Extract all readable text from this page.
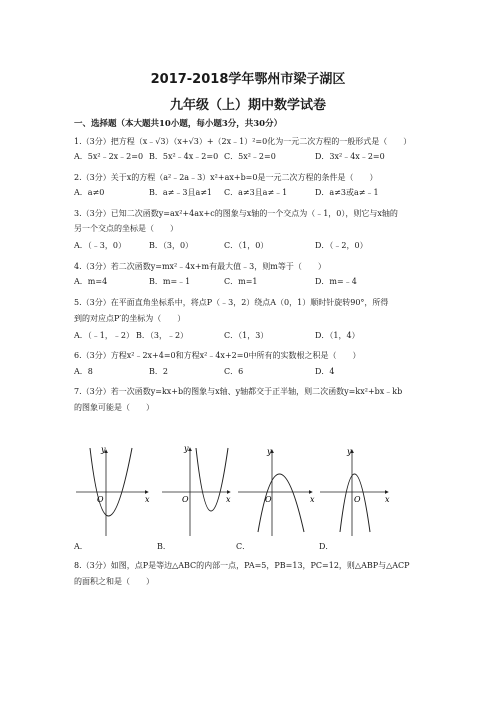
2017-2018学年鄂州市梁子湖区
九年级（上）期中数学试卷
一、选择题（本大题共10小题，每小题3分，共30分）
1.（3分）把方程（x﹣√3）（x+√3）+（2x﹣1）²=0化为一元二次方程的一般形式是（　　）
A．5x²﹣2x﹣2=0 B．5x²﹣4x﹣2=0 C．5x²﹣2=0	D．3x²﹣4x﹣2=0
2.（3分）关于x的方程（a²﹣2a﹣3）x²+ax+b=0是一元二次方程的条件是（　　）
A．a≠0	B．a≠﹣3且a≠1 C．a≠3且a≠﹣1	D．a≠3或a≠﹣1
3.（3分）已知二次函数y=ax²+4ax+c的图象与x轴的一个交点为（﹣1，0），则它与x轴的
另一个交点的坐标是（　　）
A．（﹣3，0）	B．（3，0）	C．（1，0）	D．（﹣2，0）
4.（3分）若二次函数y=mx²﹣4x+m有最大值﹣3，则m等于（　　）
A．m=4	B．m=﹣1	C．m=1	D．m=﹣4
5.（3分）在平面直角坐标系中，将点P（﹣3，2）绕点A（0，1）顺时针旋转90°，所得
到的对应点P′的坐标为（　　）
A．（﹣1，﹣2） B．（3，﹣2）	C．（1，3）	D．（1，4）
6.（3分）方程x²﹣2x+4=0和方程x²﹣4x+2=0中所有的实数根之积是（　　）
A．8	B．2	C．6	D．4
7.（3分）若一次函数y=kx+b的图象与x轴、y轴都交于正半轴，则二次函数y=kx²+bx﹣kb
的图象可能是（　　）
y
x
O
y
x
O
y
x
O
y
x
O
A．	B．	C．	D．
8.（3分）如图，点P是等边△ABC的内部一点，PA=5，PB=13，PC=12，则△ABP与△ACP
的面积之和是（　　）
